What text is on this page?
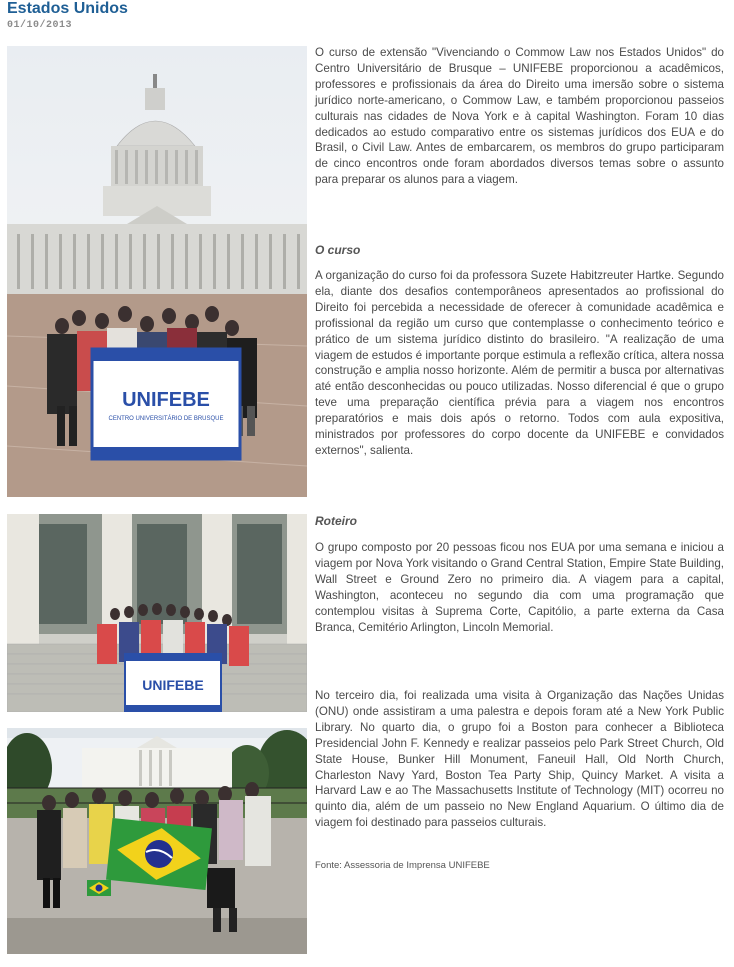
Estados Unidos
01/10/2013
UNIFEBE
CENTRO UNIVERSITÁRIO DE BRUSQUE
UNIFEBE

O curso de extensão "Vivenciando o Commow Law nos Estados Unidos" do Centro Universitário de Brusque – UNIFEBE proporcionou a acadêmicos, professores e profissionais da área do Direito uma imersão sobre o sistema jurídico norte-americano, o Commow Law, e também proporcionou passeios culturais nas cidades de Nova York e à capital Washington. Foram 10 dias dedicados ao estudo comparativo entre os sistemas jurídicos dos EUA e do Brasil, o Civil Law. Antes de embarcarem, os membros do grupo participaram de cinco encontros onde foram abordados diversos temas sobre o assunto para preparar os alunos para a viagem.

O curso

A organização do curso foi da professora Suzete Habitzreuter Hartke. Segundo ela, diante dos desafios contemporâneos apresentados ao profissional do Direito foi percebida a necessidade de oferecer à comunidade acadêmica e profissional da região um curso que contemplasse o conhecimento teórico e prático de um sistema jurídico distinto do brasileiro. "A realização de uma viagem de estudos é importante porque estimula a reflexão crítica, altera nossa construção e amplia nosso horizonte. Além de permitir a busca por alternativas até então desconhecidas ou pouco utilizadas. Nosso diferencial é que o grupo teve uma preparação científica prévia para a viagem nos encontros preparatórios e mais dois após o retorno. Todos com aula expositiva, ministrados por professores do corpo docente da UNIFEBE e convidados externos", salienta.

Roteiro

O grupo composto por 20 pessoas ficou nos EUA por uma semana e iniciou a viagem por Nova York visitando o Grand Central Station, Empire State Building, Wall Street e Ground Zero no primeiro dia. A viagem para a capital, Washington, aconteceu no segundo dia com uma programação que contemplou visitas à Suprema Corte, Capitólio, a parte externa da Casa Branca, Cemitério Arlington, Lincoln Memorial.

No terceiro dia, foi realizada uma visita à Organização das Nações Unidas (ONU) onde assistiram a uma palestra e depois foram até a New York Public Library. No quarto dia, o grupo foi a Boston para conhecer a Biblioteca Presidencial John F. Kennedy e realizar passeios pelo Park Street Church, Old State House, Bunker Hill Monument, Faneuil Hall, Old North Church, Charleston Navy Yard, Boston Tea Party Ship, Quincy Market. A visita a Harvard Law e ao The Massachusetts Institute of Technology (MIT) ocorreu no quinto dia, além de um passeio no New England Aquarium. O último dia de viagem foi destinado para passeios culturais.

Fonte: Assessoria de Imprensa UNIFEBE
